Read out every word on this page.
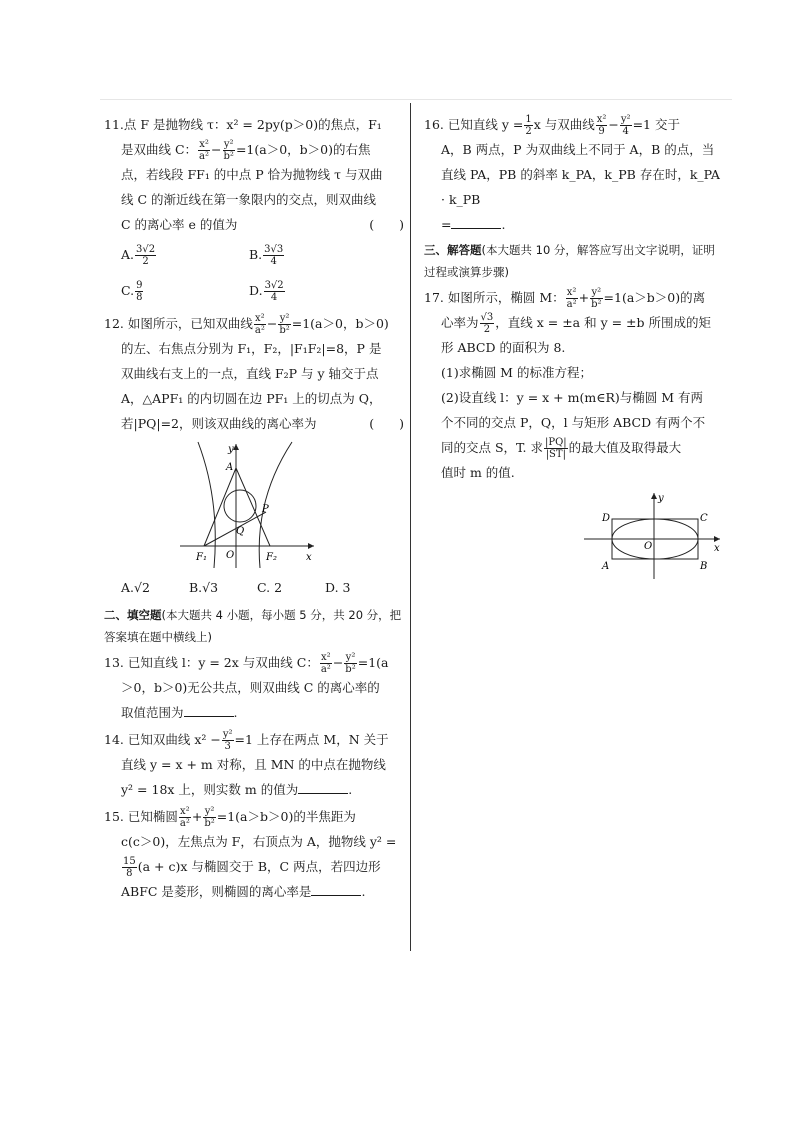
11.点 F 是抛物线 τ：x² = 2py(p＞0)的焦点，F₁

是双曲线 C： $\frac{\text{x²}}{\text{a²}} - \frac{\text{y²}}{\text{b²}} =1(a>0$，b＞0)的右焦

点，若线段 FF₁ 的中点 P 恰为抛物线 τ 与双曲

线 C 的渐近线在第一象限内的交点，则双曲线

C 的离心率 e 的值为	(　　)

A. $\frac{3√2}{2}$	B. $\frac{3√3}{4}$
C. $\frac{9}{8}$	D. $\frac{3√2}{4}$

12. 如图所示，已知双曲线 $\frac{\text{x²}}{\text{a²}} - \frac{\text{y²}}{\text{b²}} =1(a>0$，b＞0)

的左、右焦点分别为 F₁，F₂，|F₁F₂|=8，P 是

双曲线右支上的一点，直线 F₂P 与 y 轴交于点

A，△APF₁ 的内切圆在边 PF₁ 上的切点为 Q，

若|PQ|=2，则该双曲线的离心率为	(　　)

y
A
P
Q
O
F₁	F₂	x
A.√2	B.√3	C. 2	D. 3
二、填空题(本大题共 4 小题，每小题 5 分，共 20 分，把答案填在题中横线上)

13. 已知直线 l：y = 2x 与双曲线 C： $\frac{\text{x²}}{\text{a²}} - \frac{\text{y²}}{\text{b²}} =1(a$

＞0，b＞0)无公共点，则双曲线 C 的离心率的

取值范围为	.

14. 已知双曲线 $x^2 - \frac{\text{y²}}{3} =1$ 上存在两点 M，N 关于

直线 y = x + m 对称，且 MN 的中点在抛物线

y² = 18x 上，则实数 m 的值为	.

15. 已知椭圆 $\frac{\text{x²}}{\text{a²}} + \frac{\text{y²}}{\text{b²}} =1(a>b>0)$的半焦距为

c(c＞0)，左焦点为 F，右顶点为 A，抛物线 y² =

$\frac{15}{8} (a + c)x$ 与椭圆交于 B，C 两点，若四边形

ABFC 是菱形，则椭圆的离心率是	.

16. 已知直线 $y = \frac{1}{2}$ x 与双曲线 $\frac{\text{x²}}{9} - \frac{\text{y²}}{4} =1$ 交于

A，B 两点，P 为双曲线上不同于 A，B 的点，当

直线 PA，PB 的斜率 k_PA，k_PB 存在时，k_PA · k_PB

=	.

三、解答题(本大题共 10 分，解答应写出文字说明，证明过程或演算步骤)

17. 如图所示，椭圆 M： $\frac{\text{x²}}{\text{a²}} + \frac{\text{y²}}{\text{b²}} =1(a>b>0)$的离

心率为 $\frac{√3}{2}$ ，直线 x = ±a 和 y = ±b 所围成的矩

形 ABCD 的面积为 8.

(1)求椭圆 M 的标准方程；

(2)设直线 l：y = x + m(m∈R)与椭圆 M 有两

个不同的交点 P，Q，l 与矩形 ABCD 有两个不

同的交点 S，T. 求 $\frac{|PQ|}{|ST|}$ 的最大值及取得最大

值时 m 的值.

y
x
O
D	C
A	B
